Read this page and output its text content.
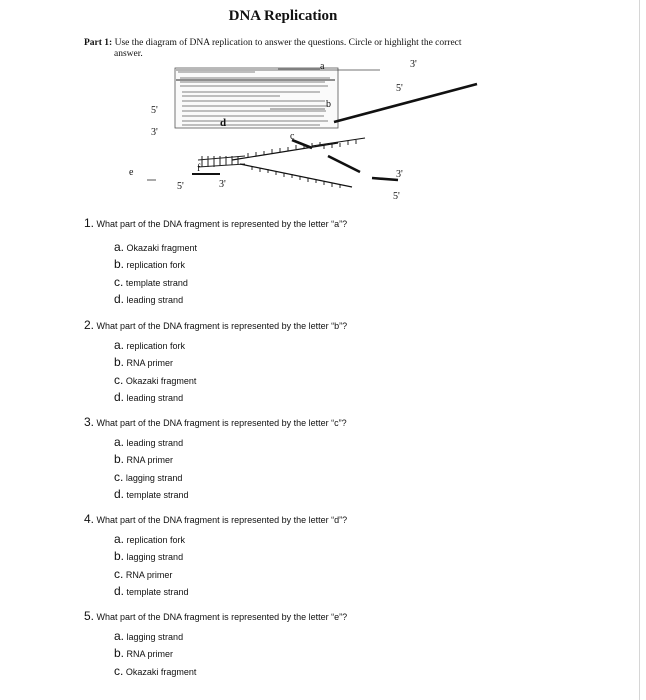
DNA Replication
Part 1: Use the diagram of DNA replication to answer the questions. Circle or highlight the correct
answer.
a
b
c
d
e	f
5'
3'
3'
5'
5'	3'
3'
5'
1. What part of the DNA fragment is represented by the letter “a”?
a. Okazaki fragment
b. replication fork
c. template strand
d. leading strand
2. What part of the DNA fragment is represented by the letter “b”?
a. replication fork
b. RNA primer
c. Okazaki fragment
d. leading strand
3. What part of the DNA fragment is represented by the letter “c”?
a. leading strand
b. RNA primer
c. lagging strand
d. template strand
4. What part of the DNA fragment is represented by the letter “d”?
a. replication fork
b. lagging strand
c. RNA primer
d. template strand
5. What part of the DNA fragment is represented by the letter “e”?
a. lagging strand
b. RNA primer
c. Okazaki fragment
